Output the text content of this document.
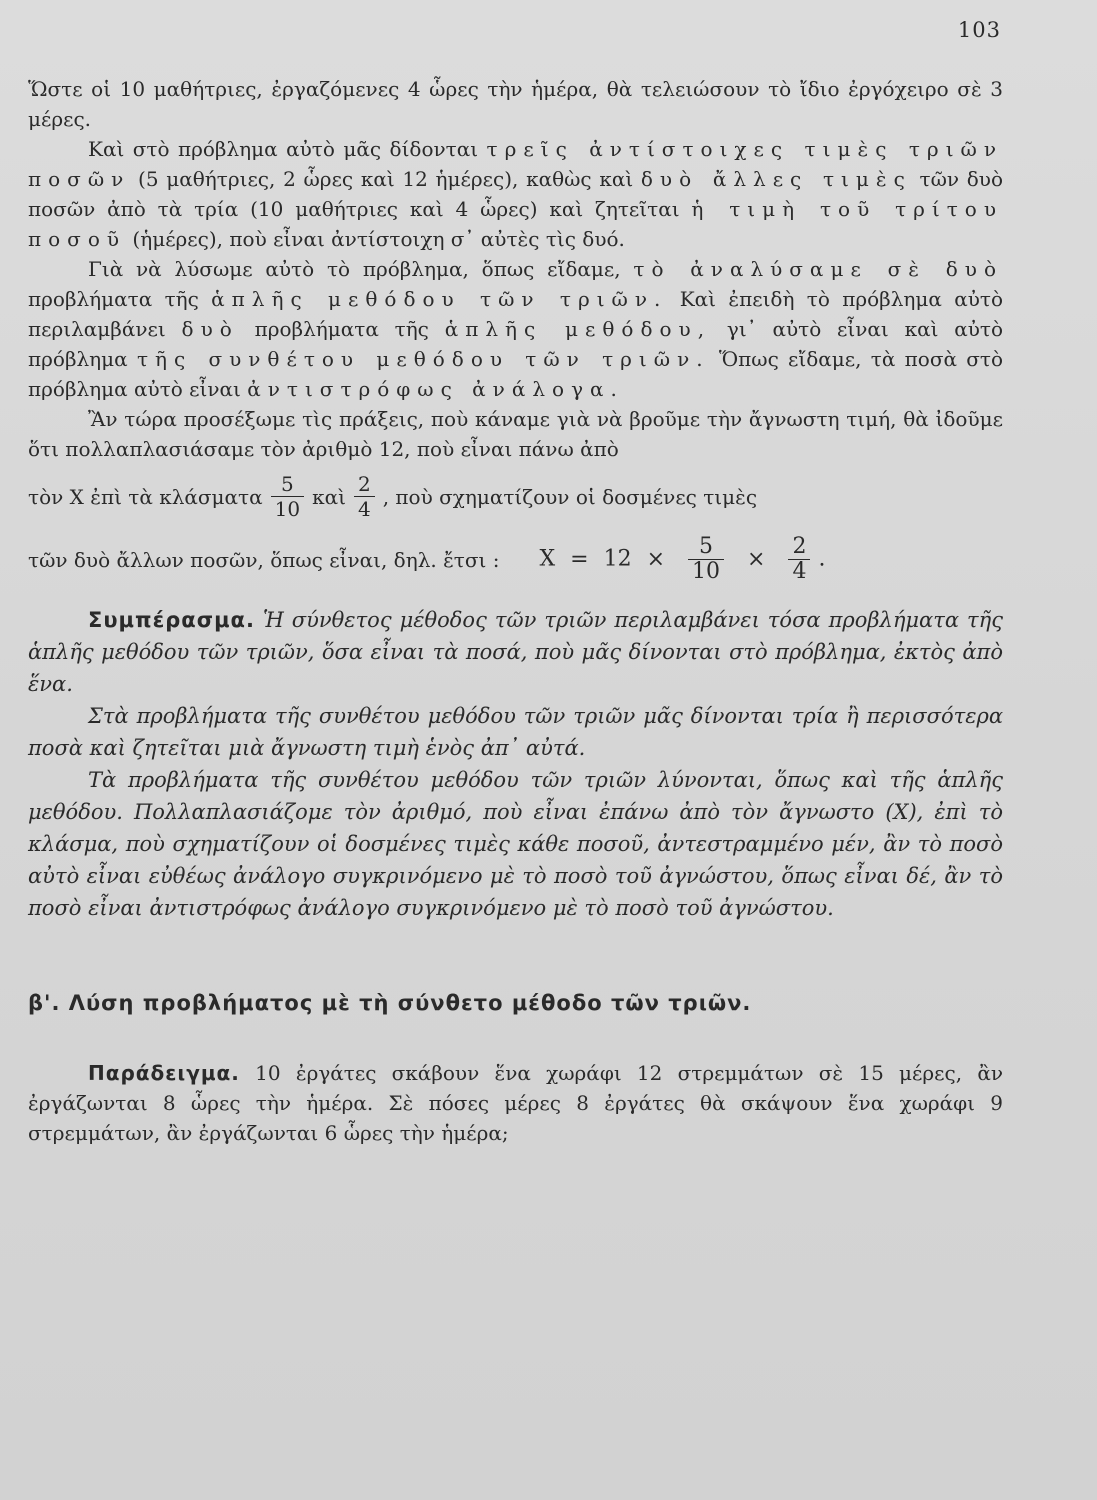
103

Ὥστε οἱ 10 μαθήτριες, ἐργαζόμενες 4 ὧρες τὴν ἡμέρα, θὰ τελειώσουν τὸ ἴδιο ἐργόχειρο σὲ 3 μέρες.

Καὶ στὸ πρόβλημα αὐτὸ μᾶς δίδονται τρεῖς ἀντίστοιχες τιμὲς τριῶν ποσῶν (5 μαθήτριες, 2 ὧρες καὶ 12 ἡμέρες), καθὼς καὶ δυὸ ἄλλες τιμὲς τῶν δυὸ ποσῶν ἀπὸ τὰ τρία (10 μαθήτριες καὶ 4 ὧρες) καὶ ζητεῖται ἡ τιμὴ τοῦ τρίτου ποσοῦ (ἡμέρες), ποὺ εἶναι ἀντίστοιχη σ᾽ αὐτὲς τὶς δυό.

Γιὰ νὰ λύσωμε αὐτὸ τὸ πρόβλημα, ὅπως εἴδαμε, τὸ ἀναλύσαμε σὲ δυὸ προβλήματα τῆς ἁπλῆς μεθόδου τῶν τριῶν. Καὶ ἐπειδὴ τὸ πρόβλημα αὐτὸ περιλαμβάνει δυὸ προβλήματα τῆς ἁπλῆς μεθόδου, γι᾽ αὐτὸ εἶναι καὶ αὐτὸ πρόβλημα τῆς συνθέτου μεθόδου τῶν τριῶν. Ὅπως εἴδαμε, τὰ ποσὰ στὸ πρόβλημα αὐτὸ εἶναι ἀντιστρόφως ἀνάλογα.

Ἂν τώρα προσέξωμε τὶς πράξεις, ποὺ κάναμε γιὰ νὰ βροῦμε τὴν ἄγνωστη τιμή, θὰ ἰδοῦμε ὅτι πολλαπλασιάσαμε τὸν ἀριθμὸ 12, ποὺ εἶναι πάνω ἀπὸ

τὸν Χ ἐπὶ τὰ κλάσματα $\frac{5}{10}$ καὶ $\frac{2}{4}$ , ποὺ σχηματίζουν οἱ δοσμένες τιμὲς
τῶν δυὸ ἄλλων ποσῶν, ὅπως εἶναι, δηλ. ἔτσι : $X = 12 \times \frac{5}{10} \times \frac{2}{4}$ .

Συμπέρασμα. Ἡ σύνθετος μέθοδος τῶν τριῶν περιλαμβάνει τόσα προβλήματα τῆς ἁπλῆς μεθόδου τῶν τριῶν, ὅσα εἶναι τὰ ποσά, ποὺ μᾶς δίνονται στὸ πρόβλημα, ἐκτὸς ἀπὸ ἕνα.

Στὰ προβλήματα τῆς συνθέτου μεθόδου τῶν τριῶν μᾶς δίνονται τρία ἢ περισσότερα ποσὰ καὶ ζητεῖται μιὰ ἄγνωστη τιμὴ ἑνὸς ἀπ᾽ αὐτά.

Τὰ προβλήματα τῆς συνθέτου μεθόδου τῶν τριῶν λύνονται, ὅπως καὶ τῆς ἁπλῆς μεθόδου. Πολλαπλασιάζομε τὸν ἀριθμό, ποὺ εἶναι ἐπάνω ἀπὸ τὸν ἄγνωστο (Χ), ἐπὶ τὸ κλάσμα, ποὺ σχηματίζουν οἱ δοσμένες τιμὲς κάθε ποσοῦ, ἀντεστραμμένο μέν, ἂν τὸ ποσὸ αὐτὸ εἶναι εὐθέως ἀνάλογο συγκρινόμενο μὲ τὸ ποσὸ τοῦ ἀγνώστου, ὅπως εἶναι δέ, ἂν τὸ ποσὸ εἶναι ἀντιστρόφως ἀνάλογο συγκρινόμενο μὲ τὸ ποσὸ τοῦ ἀγνώστου.

β'. Λύση προβλήματος μὲ τὴ σύνθετο μέθοδο τῶν τριῶν.

Παράδειγμα. 10 ἐργάτες σκάβουν ἕνα χωράφι 12 στρεμμάτων σὲ 15 μέρες, ἂν ἐργάζωνται 8 ὧρες τὴν ἡμέρα. Σὲ πόσες μέρες 8 ἐργάτες θὰ σκάψουν ἕνα χωράφι 9 στρεμμάτων, ἂν ἐργάζωνται 6 ὧρες τὴν ἡμέρα;
